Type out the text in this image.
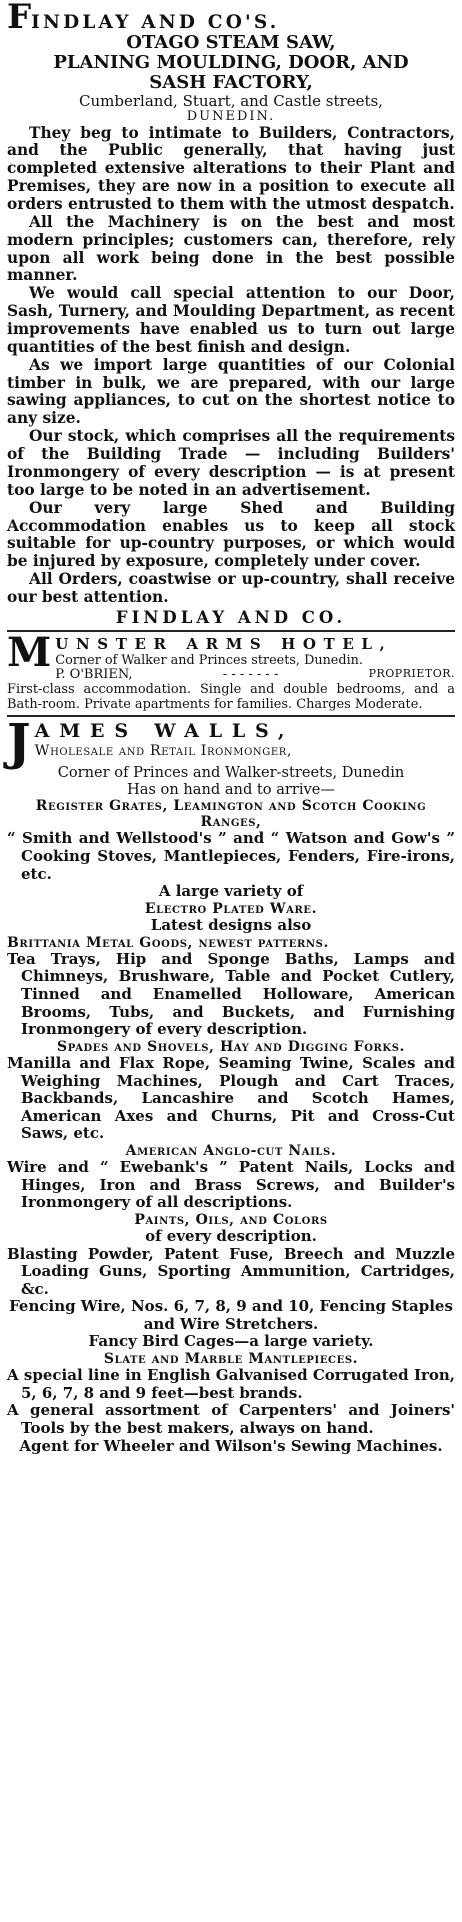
FINDLAY AND CO'S.

OTAGO STEAM SAW,

PLANING MOULDING, DOOR, AND

SASH FACTORY,

Cumberland, Stuart, and Castle streets,

DUNEDIN.

They beg to intimate to Builders, Contractors, and the Public generally, that having just completed extensive alterations to their Plant and Premises, they are now in a position to execute all orders entrusted to them with the utmost despatch.

All the Machinery is on the best and most modern principles; customers can, therefore, rely upon all work being done in the best possible manner.

We would call special attention to our Door, Sash, Turnery, and Moulding Department, as recent improvements have enabled us to turn out large quantities of the best finish and design.

As we import large quantities of our Colonial timber in bulk, we are prepared, with our large sawing appliances, to cut on the shortest notice to any size.

Our stock, which comprises all the requirements of the Building Trade — including Builders' Ironmongery of every description — is at present too large to be noted in an advertisement.

Our very large Shed and Building Accommodation enables us to keep all stock suitable for up-country purposes, or which would be injured by exposure, completely under cover.

All Orders, coastwise or up-country, shall receive our best attention.

FINDLAY AND CO.

M UNSTER ARMS HOTEL,

Corner of Walker and Princes streets, Dunedin.

P. O'BRIEN,	- - - - - - -	PROPRIETOR.

First-class accommodation. Single and double bedrooms, and a Bath-room. Private apartments for families. Charges Moderate.

J AMES WALLS,

Wholesale and Retail Ironmonger,

Corner of Princes and Walker-streets, Dunedin

Has on hand and to arrive—

Register Grates, Leamington and Scotch Cooking Ranges,

“ Smith and Wellstood's ” and “ Watson and Gow's ” Cooking Stoves, Mantlepieces, Fenders, Fire-irons, etc.

A large variety of

Electro Plated Ware.

Latest designs also

Brittania Metal Goods, newest patterns.

Tea Trays, Hip and Sponge Baths, Lamps and Chimneys, Brushware, Table and Pocket Cutlery, Tinned and Enamelled Holloware, American Brooms, Tubs, and Buckets, and Furnishing Ironmongery of every description.

Spades and Shovels, Hay and Digging Forks.

Manilla and Flax Rope, Seaming Twine, Scales and Weighing Machines, Plough and Cart Traces, Backbands, Lancashire and Scotch Hames, American Axes and Churns, Pit and Cross-Cut Saws, etc.

American Anglo-cut Nails.

Wire and “ Ewebank's ” Patent Nails, Locks and Hinges, Iron and Brass Screws, and Builder's Ironmongery of all descriptions.

Paints, Oils, and Colors

of every description.

Blasting Powder, Patent Fuse, Breech and Muzzle Loading Guns, Sporting Ammunition, Cartridges, &c.

Fencing Wire, Nos. 6, 7, 8, 9 and 10, Fencing Staples and Wire Stretchers.

Fancy Bird Cages—a large variety.

Slate and Marble Mantlepieces.

A special line in English Galvanised Corrugated Iron, 5, 6, 7, 8 and 9 feet—best brands.

A general assortment of Carpenters' and Joiners' Tools by the best makers, always on hand.

Agent for Wheeler and Wilson's Sewing Machines.
